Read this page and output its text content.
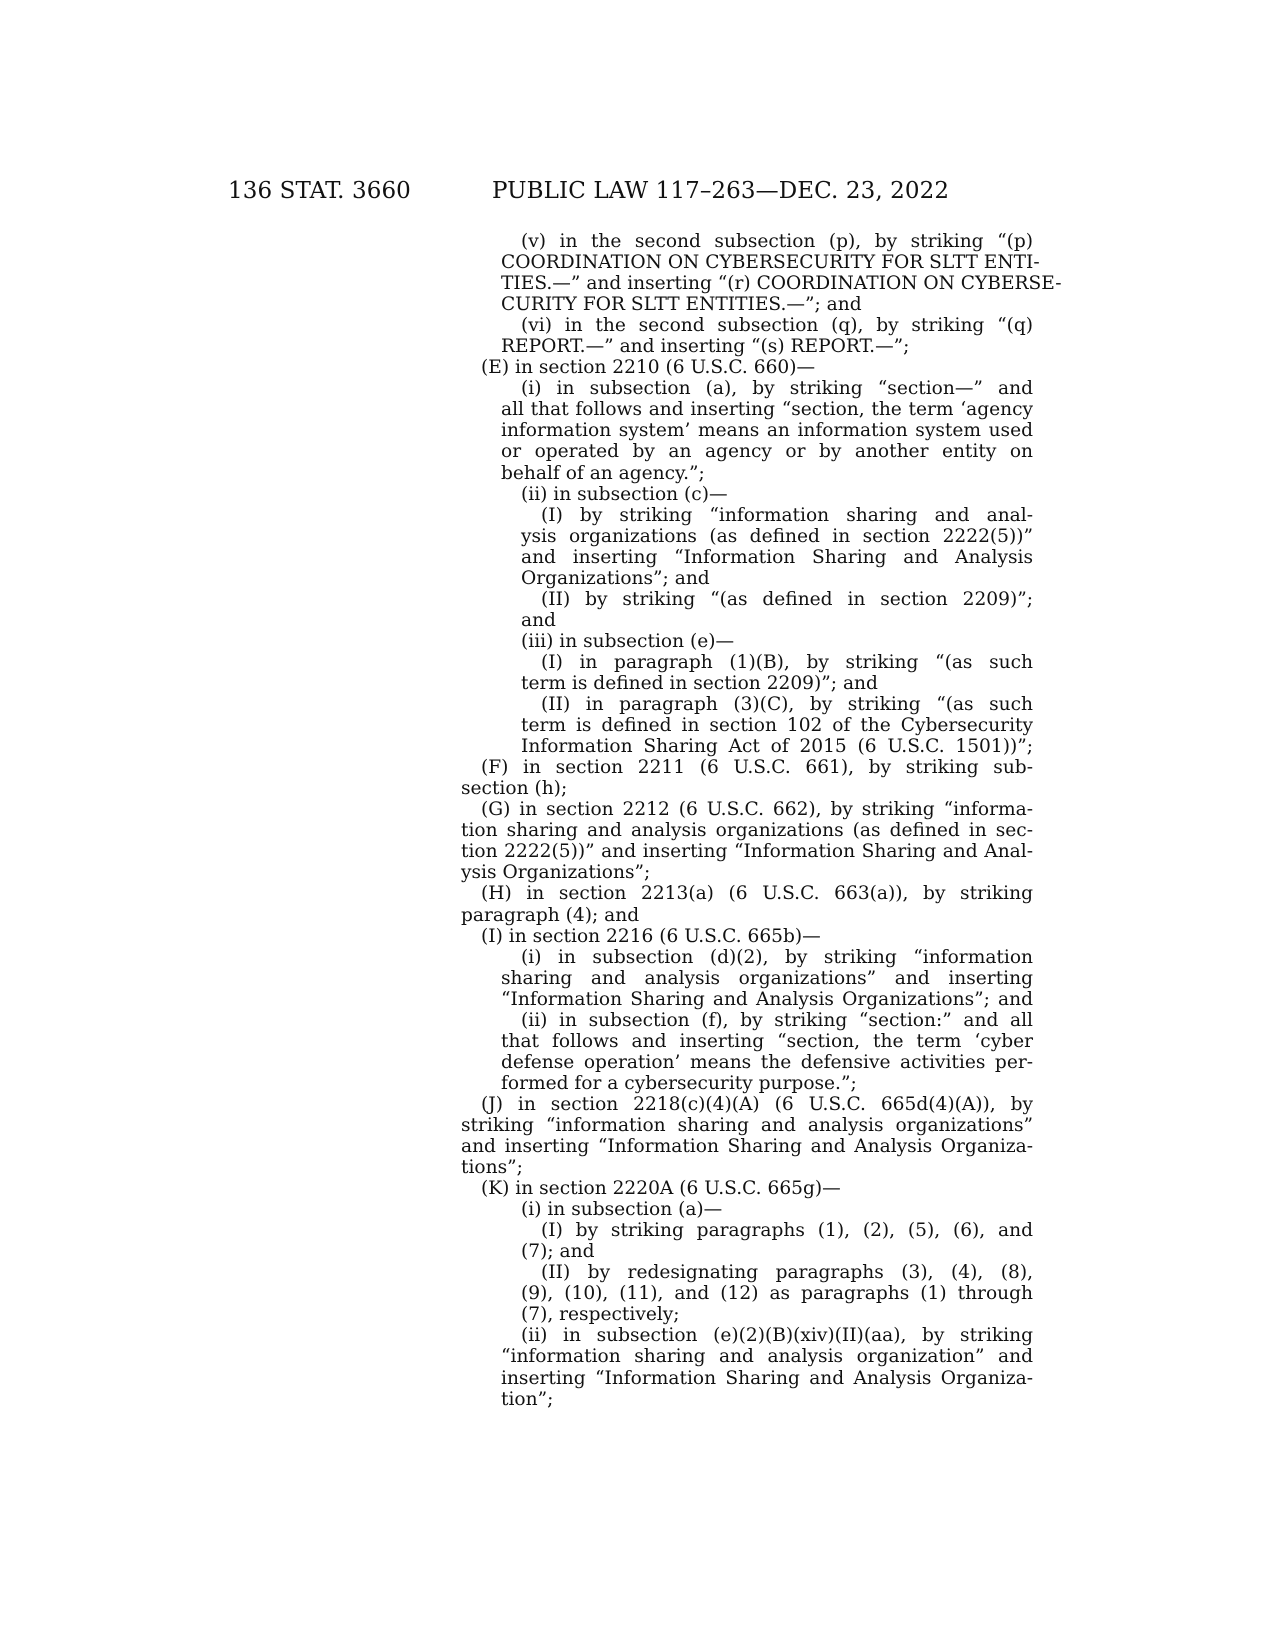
136 STAT. 3660	PUBLIC LAW 117–263—DEC. 23, 2022
(v) in the second subsection (p), by striking “(p)
COORDINATION ON CYBERSECURITY FOR SLTT ENTI-
TIES.—” and inserting “(r) COORDINATION ON CYBERSE-
CURITY FOR SLTT ENTITIES.—”; and
(vi) in the second subsection (q), by striking “(q)
REPORT.—” and inserting “(s) REPORT.—”;
(E) in section 2210 (6 U.S.C. 660)—
(i) in subsection (a), by striking “section—” and
all that follows and inserting “section, the term ‘agency
information system’ means an information system used
or operated by an agency or by another entity on
behalf of an agency.”;
(ii) in subsection (c)—
(I) by striking “information sharing and anal-
ysis organizations (as defined in section 2222(5))”
and inserting “Information Sharing and Analysis
Organizations”; and
(II) by striking “(as defined in section 2209)”;
and
(iii) in subsection (e)—
(I) in paragraph (1)(B), by striking “(as such
term is defined in section 2209)”; and
(II) in paragraph (3)(C), by striking “(as such
term is defined in section 102 of the Cybersecurity
Information Sharing Act of 2015 (6 U.S.C. 1501))”;
(F) in section 2211 (6 U.S.C. 661), by striking sub-
section (h);
(G) in section 2212 (6 U.S.C. 662), by striking “informa-
tion sharing and analysis organizations (as defined in sec-
tion 2222(5))” and inserting “Information Sharing and Anal-
ysis Organizations”;
(H) in section 2213(a) (6 U.S.C. 663(a)), by striking
paragraph (4); and
(I) in section 2216 (6 U.S.C. 665b)—
(i) in subsection (d)(2), by striking “information
sharing and analysis organizations” and inserting
“Information Sharing and Analysis Organizations”; and
(ii) in subsection (f), by striking “section:” and all
that follows and inserting “section, the term ‘cyber
defense operation’ means the defensive activities per-
formed for a cybersecurity purpose.”;
(J) in section 2218(c)(4)(A) (6 U.S.C. 665d(4)(A)), by
striking “information sharing and analysis organizations”
and inserting “Information Sharing and Analysis Organiza-
tions”;
(K) in section 2220A (6 U.S.C. 665g)—
(i) in subsection (a)—
(I) by striking paragraphs (1), (2), (5), (6), and
(7); and
(II) by redesignating paragraphs (3), (4), (8),
(9), (10), (11), and (12) as paragraphs (1) through
(7), respectively;
(ii) in subsection (e)(2)(B)(xiv)(II)(aa), by striking
“information sharing and analysis organization” and
inserting “Information Sharing and Analysis Organiza-
tion”;
